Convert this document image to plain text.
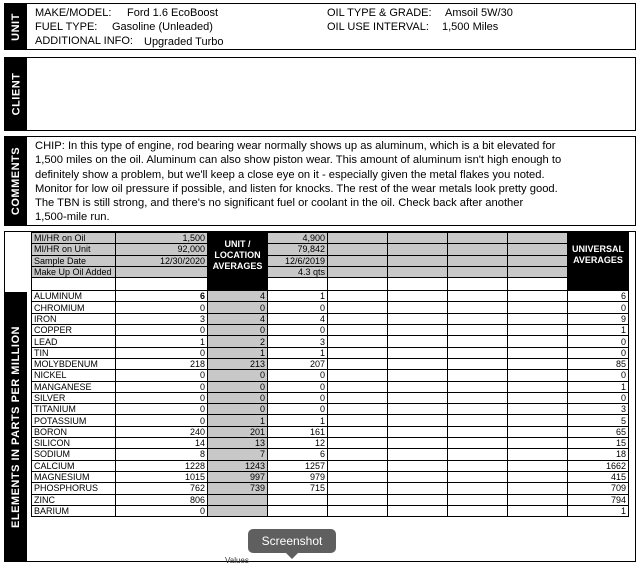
UNIT MAKE/MODEL: Ford 1.6 EcoBoost
FUEL TYPE: Gasoline (Unleaded)
ADDITIONAL INFO: Upgraded Turbo
OIL TYPE & GRADE: Amsoil 5W/30
OIL USE INTERVAL: 1,500 Miles
CLIENT
COMMENTS
CHIP: In this type of engine, rod bearing wear normally shows up as aluminum, which is a bit elevated for
1,500 miles on the oil. Aluminum can also show piston wear. This amount of aluminum isn't high enough to
definitely show a problem, but we'll keep a close eye on it - especially given the metal flakes you noted.
Monitor for low oil pressure if possible, and listen for knocks. The rest of the wear metals look pretty good.
The TBN is still strong, and there's no significant fuel or coolant in the oil. Check back after another
1,500-mile run.
ELEMENTS IN PARTS PER MILLION
MI/HR on Oil	1,500	UNIT / LOCATION AVERAGES	4,900					UNIVERSAL AVERAGES
MI/HR on Unit	92,000		79,842					
Sample Date	12/30/2020		12/6/2019					
Make Up Oil Added			4.3 qts					

ALUMINUM	6	4	1					6
CHROMIUM	0	0	0					0
IRON	3	4	4					9
COPPER	0	0	0					1
LEAD	1	2	3					0
TIN	0	1	1					0
MOLYBDENUM	218	213	207					85
NICKEL	0	0	0					0
MANGANESE	0	0	0					1
SILVER	0	0	0					0
TITANIUM	0	0	0					3
POTASSIUM	0	1	1					5
BORON	240	201	161					65
SILICON	14	13	12					15
SODIUM	8	7	6					18
CALCIUM	1228	1243	1257					1662
MAGNESIUM	1015	997	979					415
PHOSPHORUS	762	739	715					709
ZINC	806							794
BARIUM	0							1
Values
Screenshot
